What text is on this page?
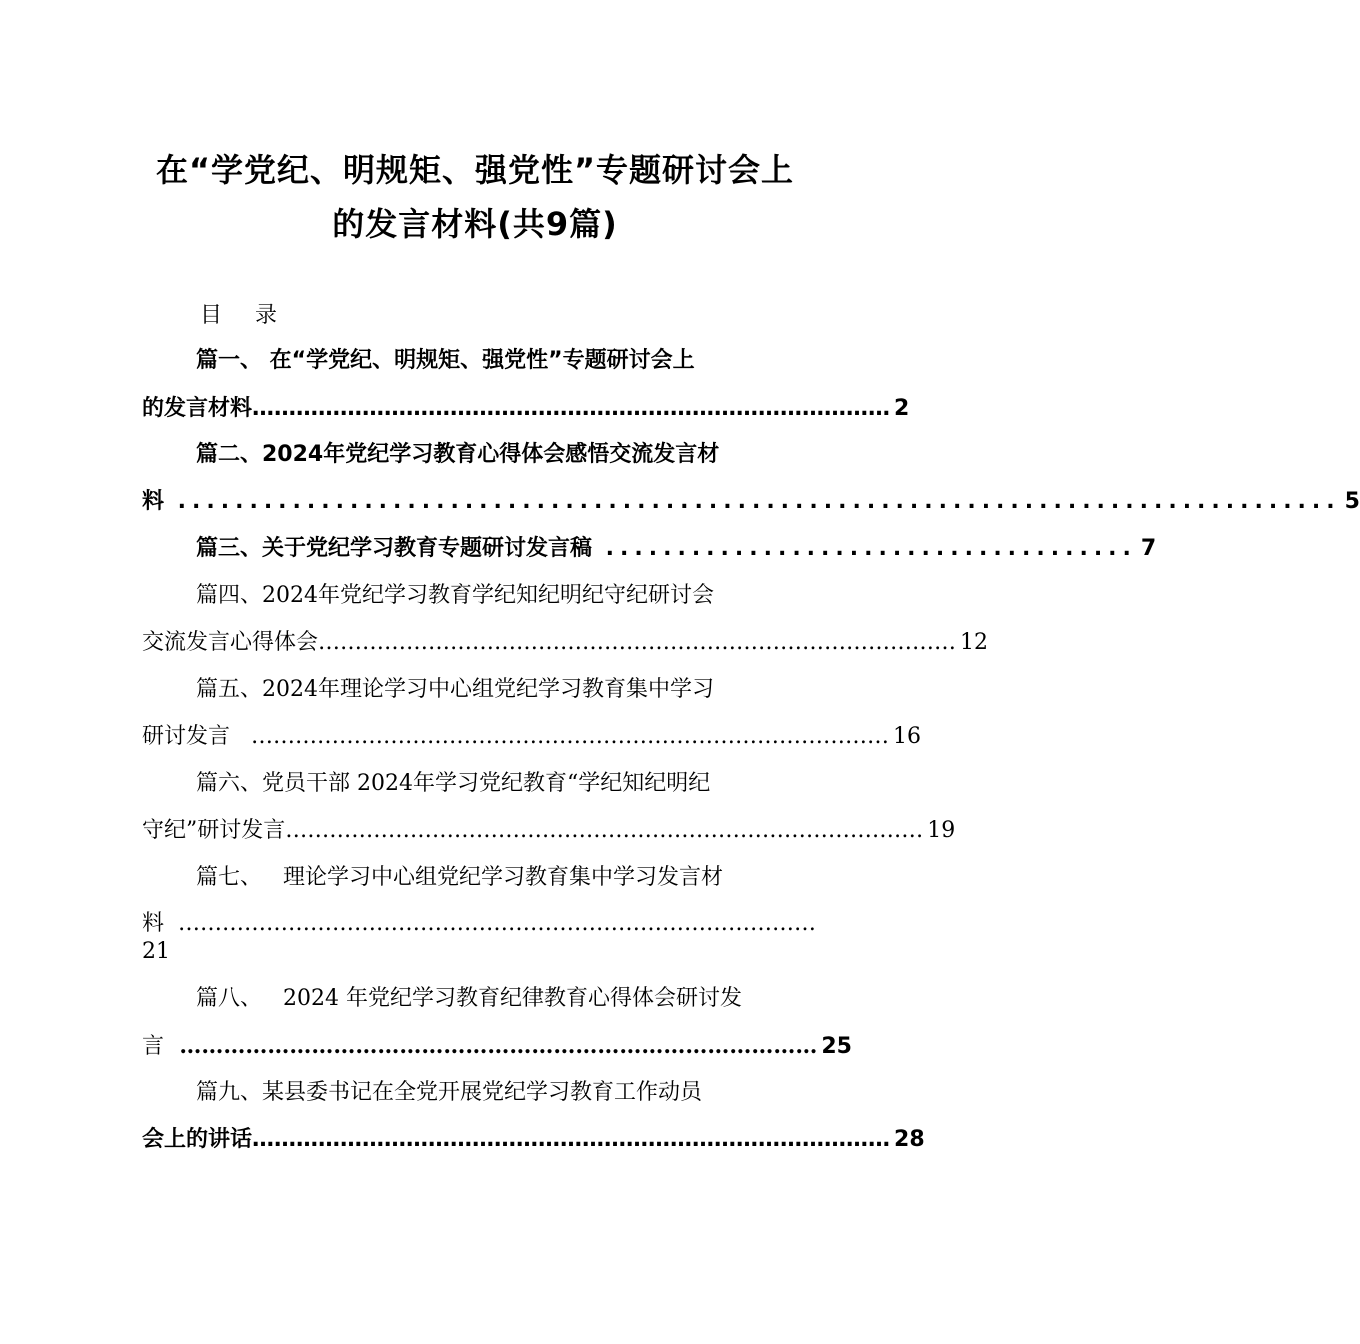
在“学党纪、明规矩、强党性”专题研讨会上
的发言材料(共9篇)
目    录
篇一、 在“学党纪、明规矩、强党性”专题研讨会上
的发言材料 …………………………………………………………………………… 2
篇二、2024年党纪学习教育心得体会感悟交流发言材
料 ................................................................................. 5
篇三、关于党纪学习教育专题研讨发言稿 ..................................... 7
篇四、2024年党纪学习教育学纪知纪明纪守纪研讨会
交流发言心得体会 …………………………………………………………………………… 12
篇五、2024年理论学习中心组党纪学习教育集中学习
研讨发言 …………………………………………………………………………… 16
篇六、党员干部 2024年学习党纪教育“学纪知纪明纪
守纪”研讨发言 …………………………………………………………………………… 19
篇七、   理论学习中心组党纪学习教育集中学习发言材
料 ……………………………………………………………………………
21
篇八、   2024 年党纪学习教育纪律教育心得体会研讨发
言 …………………………………………………………………………… 25
篇九、某县委书记在全党开展党纪学习教育工作动员
会上的讲话 …………………………………………………………………………… 28
